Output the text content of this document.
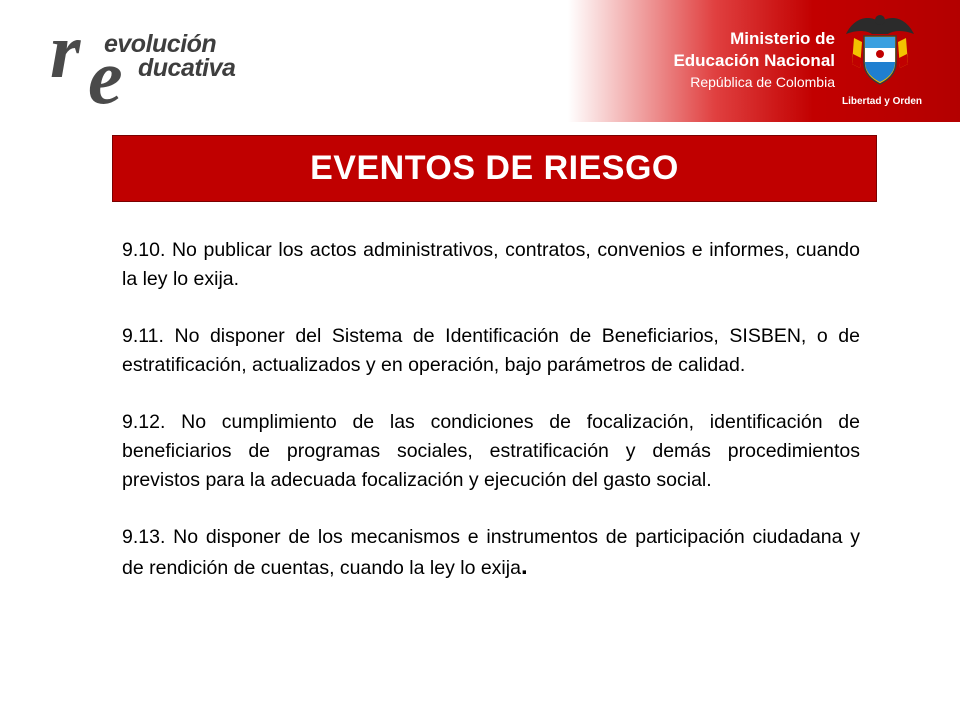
r e
evolución
ducativa
Ministerio de
Educación Nacional
República de Colombia
Libertad y Orden
EVENTOS DE RIESGO

9.10. No publicar los actos administrativos, contratos, convenios e informes, cuando la ley lo exija.

9.11. No disponer del Sistema de Identificación de Beneficiarios, SISBEN, o de estratificación, actualizados y en operación, bajo parámetros de calidad.

9.12. No cumplimiento de las condiciones de focalización, identificación de beneficiarios de programas sociales, estratificación y demás procedimientos previstos para la adecuada focalización y ejecución del gasto social.

9.13. No disponer de los mecanismos e instrumentos de participación ciudadana y de rendición de cuentas, cuando la ley lo exija.
